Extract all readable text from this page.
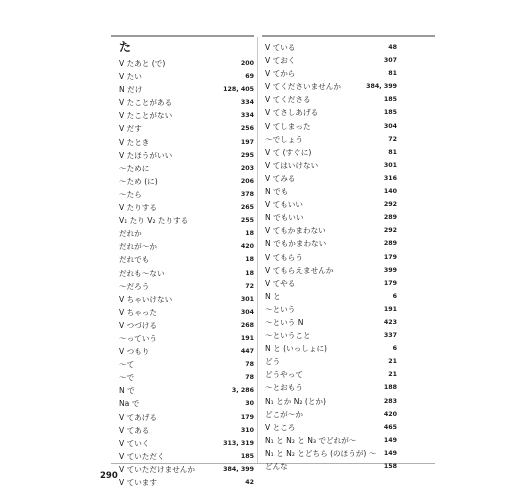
た
V たあと (で)	200
V たい	69
N だけ	128, 405
V たことがある	334
V たことがない	334
V だす	256
V たとき	197
V たほうがいい	295
〜ために	203
〜ため (に)	206
〜たら	378
V たりする	265
V₁ たり V₂ たりする	255
だれか	18
だれが〜か	420
だれでも	18
だれも〜ない	18
〜だろう	72
V ちゃいけない	301
V ちゃった	304
V つづける	268
〜っていう	191
V つもり	447
〜て	78
〜で	78
N で	3, 286
Na で	30
V てあげる	179
V てある	310
V ていく	313, 319
V ていただく	185
V ていただけませんか	384, 399
V ています	42
V ている	48
V ておく	307
V てから	81
V てくださいませんか	384, 399
V てくださる	185
V てさしあげる	185
V てしまった	304
〜でしょう	72
V て (すぐに)	81
V てはいけない	301
V てみる	316
N でも	140
V てもいい	292
N でもいい	289
V てもかまわない	292
N でもかまわない	289
V てもらう	179
V てもらえませんか	399
V てやる	179
N と	6
〜という	191
〜という N	423
〜ということ	337
N と (いっしょに)	6
どう	21
どうやって	21
〜とおもう	188
N₁ とか N₂ (とか)	283
どこが〜か	420
V ところ	465
N₁ と N₂ と N₃ でどれが〜	149
N₁ と N₂ とどちら (のほうが) 〜 149
どんな	158
290
